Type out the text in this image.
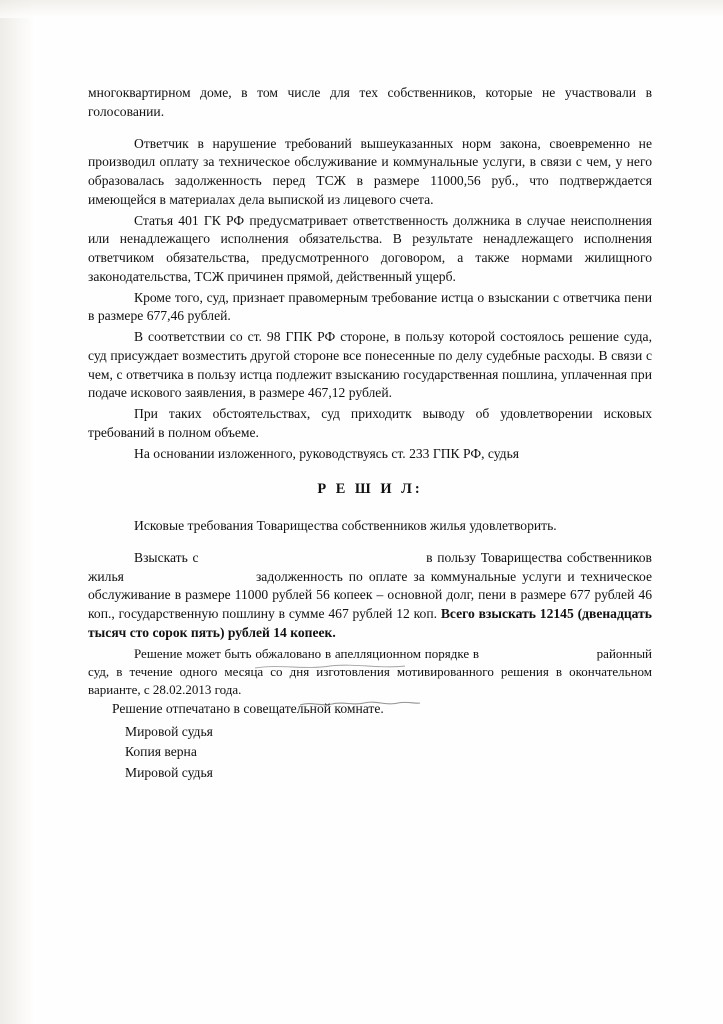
многоквартирном доме, в том числе для тех собственников, которые не участвовали в голосовании.

Ответчик в нарушение требований вышеуказанных норм закона, своевременно не производил оплату за техническое обслуживание и коммунальные услуги, в связи с чем, у него образовалась задолженность перед ТСЖ в размере 11000,56 руб., что подтверждается имеющейся в материалах дела выпиской из лицевого счета.

Статья 401 ГК РФ предусматривает ответственность должника в случае неисполнения или ненадлежащего исполнения обязательства. В результате ненадлежащего исполнения ответчиком обязательства, предусмотренного договором, а также нормами жилищного законодательства, ТСЖ причинен прямой, действенный ущерб.

Кроме того, суд, признает правомерным требование истца о взыскании с ответчика пени в размере 677,46 рублей.

В соответствии со ст. 98 ГПК РФ стороне, в пользу которой состоялось решение суда, суд присуждает возместить другой стороне все понесенные по делу судебные расходы. В связи с чем, с ответчика в пользу истца подлежит взысканию государственная пошлина, уплаченная при подаче искового заявления, в размере 467,12 рублей.

При таких обстоятельствах, суд приходитк выводу об удовлетворении исковых требований в полном объеме.

На основании изложенного, руководствуясь ст. 233 ГПК РФ, судья

Р Е Ш И Л:

Исковые требования Товарищества собственников жилья удовлетворить.

Взыскать с	в пользу Товарищества собственников жилья	задолженность по оплате за коммунальные услуги и техническое обслуживание в размере 11000 рублей 56 копеек – основной долг, пени в размере 677 рублей 46 коп., государственную пошлину в сумме 467 рублей 12 коп. Всего взыскать 12145 (двенадцать тысяч сто сорок пять) рублей 14 копеек.

Решение может быть обжаловано в апелляционном порядке в	районный суд, в течение одного месяца со дня изготовления мотивированного решения в окончательном варианте, с 28.02.2013 года.

Решение отпечатано в совещательной комнате.

Мировой судья
Копия верна
Мировой судья
